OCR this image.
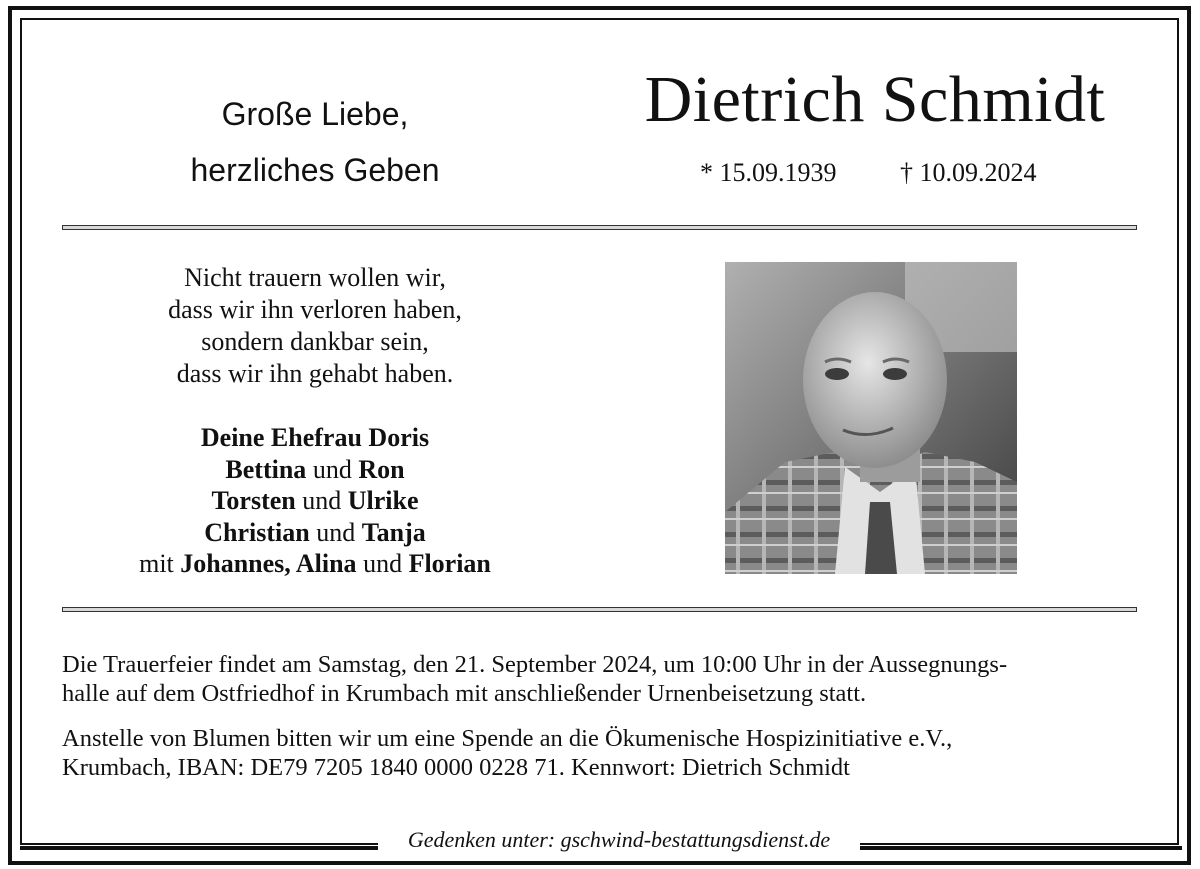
Große Liebe,
herzliches Geben
Dietrich Schmidt
* 15.09.1939 † 10.09.2024
Nicht trauern wollen wir,
dass wir ihn verloren haben,
sondern dankbar sein,
dass wir ihn gehabt haben.
Deine Ehefrau Doris
Bettina und Ron
Torsten und Ulrike
Christian und Tanja
mit Johannes, Alina und Florian
Die Trauerfeier findet am Samstag, den 21. September 2024, um 10:00 Uhr in der Aussegnungs-
halle auf dem Ostfriedhof in Krumbach mit anschließender Urnenbeisetzung statt.
Anstelle von Blumen bitten wir um eine Spende an die Ökumenische Hospizinitiative e.V.,
Krumbach, IBAN: DE79 7205 1840 0000 0228 71. Kennwort: Dietrich Schmidt
Gedenken unter: gschwind-bestattungsdienst.de
